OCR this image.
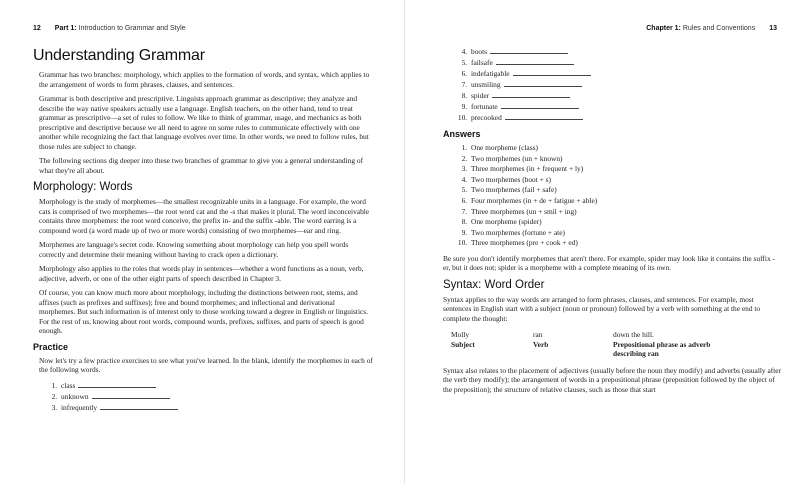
12 Part 1: Introduction to Grammar and Style
Understanding Grammar

Grammar has two branches: morphology, which applies to the formation of words, and syntax, which applies to the arrangement of words to form phrases, clauses, and sentences.

Grammar is both descriptive and prescriptive. Linguists approach grammar as descriptive; they analyze and describe the way native speakers actually use a language. English teachers, on the other hand, tend to treat grammar as prescriptive—a set of rules to follow. We like to think of grammar, usage, and mechanics as both prescriptive and descriptive because we all need to agree on some rules to communicate effectively with one another while recognizing the fact that language evolves over time. In other words, we need to follow rules, but those rules are subject to change.

The following sections dig deeper into these two branches of grammar to give you a general understanding of what they're all about.

Morphology: Words

Morphology is the study of morphemes—the smallest recognizable units in a language. For example, the word cats is comprised of two morphemes—the root word cat and the -s that makes it plural. The word inconceivable contains three morphemes: the root word conceive, the prefix in- and the suffix -able. The word earring is a compound word (a word made up of two or more words) consisting of two morphemes—ear and ring.

Morphemes are language's secret code. Knowing something about morphology can help you spell words correctly and determine their meaning without having to crack open a dictionary.

Morphology also applies to the roles that words play in sentences—whether a word functions as a noun, verb, adjective, adverb, or one of the other eight parts of speech described in Chapter 3.

Of course, you can know much more about morphology, including the distinctions between root, stems, and affixes (such as prefixes and suffixes); free and bound morphemes; and inflectional and derivational morphemes. But such information is of interest only to those working toward a degree in English or linguistics. For the rest of us, knowing about root words, compound words, prefixes, suffixes, and parts of speech is good enough.

Practice

Now let's try a few practice exercises to see what you've learned. In the blank, identify the morphemes in each of the following words.

1. class
2. unknown
3. infrequently
Chapter 1: Rules and Conventions 13
4. boots
5. failsafe
6. indefatigable
7. unsmiling
8. spider
9. fortunate
10. precooked
Answers
1. One morpheme (class)
2. Two morphemes (un + known)
3. Three morphemes (in + frequent + ly)
4. Two morphemes (boot + s)
5. Two morphemes (fail + safe)
6. Four morphemes (in + de + fatigue + able)
7. Three morphemes (un + smil + ing)
8. One morpheme (spider)
9. Two morphemes (fortune + ate)
10. Three morphemes (pre + cook + ed)

Be sure you don't identify morphemes that aren't there. For example, spider may look like it contains the suffix -er, but it does not; spider is a morpheme with a complete meaning of its own.

Syntax: Word Order

Syntax applies to the way words are arranged to form phrases, clauses, and sentences. For example, most sentences in English start with a subject (noun or pronoun) followed by a verb with something at the end to complete the thought:

Molly	ran	down the hill.
Subject	Verb	Prepositional phrase as adverb
describing ran

Syntax also relates to the placement of adjectives (usually before the noun they modify) and adverbs (usually after the verb they modify); the arrangement of words in a prepositional phrase (preposition followed by the object of the preposition); the structure of relative clauses, such as those that start
